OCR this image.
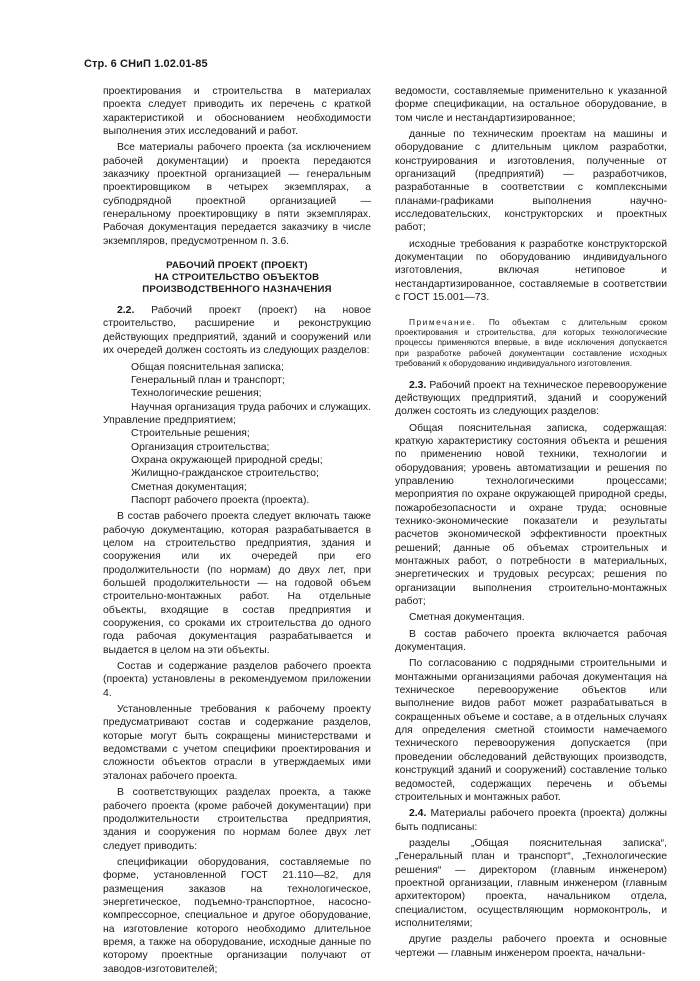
Стр. 6 СНиП 1.02.01-85

проектирования и строительства в материалах проекта следует приводить их перечень с краткой характеристикой и обоснованием необходимости выполнения этих исследований и работ.

Все материалы рабочего проекта (за исключением рабочей документации) и проекта передаются заказчику проектной организацией — генеральным проектировщиком в четырех экземплярах, а субподрядной проектной организацией — генеральному проектировщику в пяти экземплярах. Рабочая документация передается заказчику в числе экземпляров, предусмотренном п. 3.6.

РАБОЧИЙ ПРОЕКТ (ПРОЕКТ)
НА СТРОИТЕЛЬСТВО ОБЪЕКТОВ
ПРОИЗВОДСТВЕННОГО НАЗНАЧЕНИЯ

2.2. Рабочий проект (проект) на новое строительство, расширение и реконструкцию действующих предприятий, зданий и сооружений или их очередей должен состоять из следующих разделов:

Общая пояснительная записка;

Генеральный план и транспорт;

Технологические решения;

Научная организация труда рабочих и служащих. Управление предприятием;

Строительные решения;

Организация строительства;

Охрана окружающей природной среды;

Жилищно-гражданское строительство;

Сметная документация;

Паспорт рабочего проекта (проекта).

В состав рабочего проекта следует включать также рабочую документацию, которая разрабатывается в целом на строительство предприятия, здания и сооружения или их очередей при его продолжительности (по нормам) до двух лет, при большей продолжительности — на годовой объем строительно-монтажных работ. На отдельные объекты, входящие в состав предприятия и сооружения, со сроками их строительства до одного года рабочая документация разрабатывается и выдается в целом на эти объекты.

Состав и содержание разделов рабочего проекта (проекта) установлены в рекомендуемом приложении 4.

Установленные требования к рабочему проекту предусматривают состав и содержание разделов, которые могут быть сокращены министерствами и ведомствами с учетом специфики проектирования и сложности объектов отрасли в утверждаемых ими эталонах рабочего проекта.

В соответствующих разделах проекта, а также рабочего проекта (кроме рабочей документации) при продолжительности строительства предприятия, здания и сооружения по нормам более двух лет следует приводить:

спецификации оборудования, составляемые по форме, установленной ГОСТ 21.110—82, для размещения заказов на технологическое, энергетическое, подъемно-транспортное, насосно-компрессорное, специальное и другое оборудование, на изготовление которого необходимо длительное время, а также на оборудование, исходные данные по которому проектные организации получают от заводов-изготовителей;

ведомости, составляемые применительно к указанной форме спецификации, на остальное оборудование, в том числе и нестандартизированное;

данные по техническим проектам на машины и оборудование с длительным циклом разработки, конструирования и изготовления, полученные от организаций (предприятий) — разработчиков, разработанные в соответствии с комплексными планами-графиками выполнения научно-исследовательских, конструкторских и проектных работ;

исходные требования к разработке конструкторской документации по оборудованию индивидуального изготовления, включая нетиповое и нестандартизированное, составляемые в соответствии с ГОСТ 15.001—73.

Примечание. По объектам с длительным сроком проектирования и строительства, для которых технологические процессы применяются впервые, в виде исключения допускается при разработке рабочей документации составление исходных требований к оборудованию индивидуального изготовления.

2.3. Рабочий проект на техническое перевооружение действующих предприятий, зданий и сооружений должен состоять из следующих разделов:

Общая пояснительная записка, содержащая: краткую характеристику состояния объекта и решения по применению новой техники, технологии и оборудования; уровень автоматизации и решения по управлению технологическими процессами; мероприятия по охране окружающей природной среды, пожаробезопасности и охране труда; основные технико-экономические показатели и результаты расчетов экономической эффективности проектных решений; данные об объемах строительных и монтажных работ, о потребности в материальных, энергетических и трудовых ресурсах; решения по организации выполнения строительно-монтажных работ;

Сметная документация.

В состав рабочего проекта включается рабочая документация.

По согласованию с подрядными строительными и монтажными организациями рабочая документация на техническое перевооружение объектов или выполнение видов работ может разрабатываться в сокращенных объеме и составе, а в отдельных случаях для определения сметной стоимости намечаемого технического перевооружения допускается (при проведении обследований действующих производств, конструкций зданий и сооружений) составление только ведомостей, содержащих перечень и объемы строительных и монтажных работ.

2.4. Материалы рабочего проекта (проекта) должны быть подписаны:

разделы „Общая пояснительная записка“, „Генеральный план и транспорт“, „Технологические решения“ — директором (главным инженером) проектной организации, главным инженером (главным архитектором) проекта, начальником отдела, специалистом, осуществляющим нормоконтроль, и исполнителями;

другие разделы рабочего проекта и основные чертежи — главным инженером проекта, начальни-
